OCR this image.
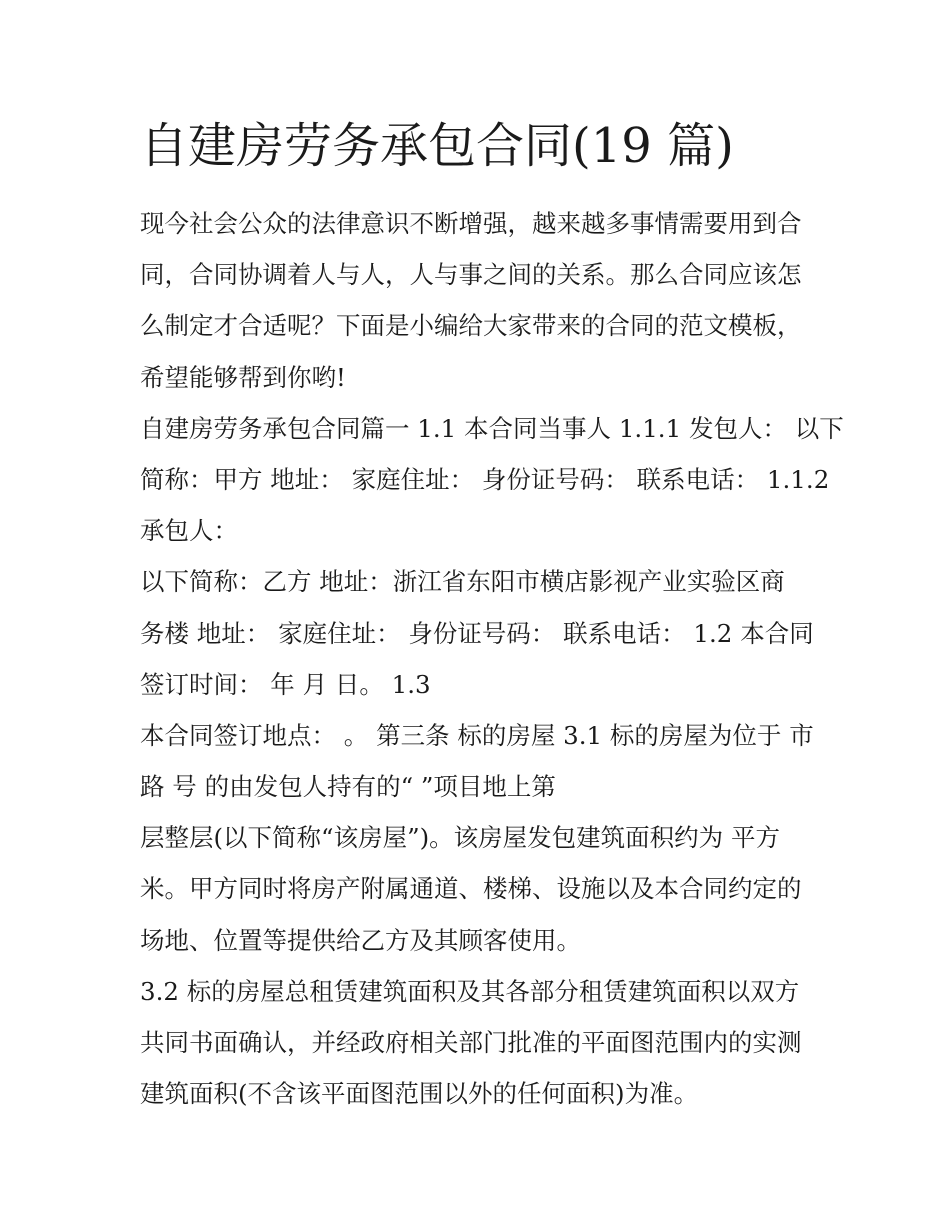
自建房劳务承包合同(19 篇)

现今社会公众的法律意识不断增强，越来越多事情需要用到合
同，合同协调着人与人，人与事之间的关系。那么合同应该怎
么制定才合适呢？下面是小编给大家带来的合同的范文模板，
希望能够帮到你哟!

自建房劳务承包合同篇一 1.1 本合同当事人 1.1.1 发包人： 以下
简称：甲方 地址： 家庭住址： 身份证号码： 联系电话： 1.1.2
承包人：

以下简称：乙方 地址：浙江省东阳市横店影视产业实验区商
务楼 地址： 家庭住址： 身份证号码： 联系电话： 1.2 本合同
签订时间： 年 月 日。 1.3

本合同签订地点： 。 第三条 标的房屋 3.1 标的房屋为位于 市
路 号 的由发包人持有的“ ”项目地上第

层整层(以下简称“该房屋”)。该房屋发包建筑面积约为 平方
米。甲方同时将房产附属通道、楼梯、设施以及本合同约定的
场地、位置等提供给乙方及其顾客使用。

3.2 标的房屋总租赁建筑面积及其各部分租赁建筑面积以双方
共同书面确认，并经政府相关部门批准的平面图范围内的实测
建筑面积(不含该平面图范围以外的任何面积)为准。
